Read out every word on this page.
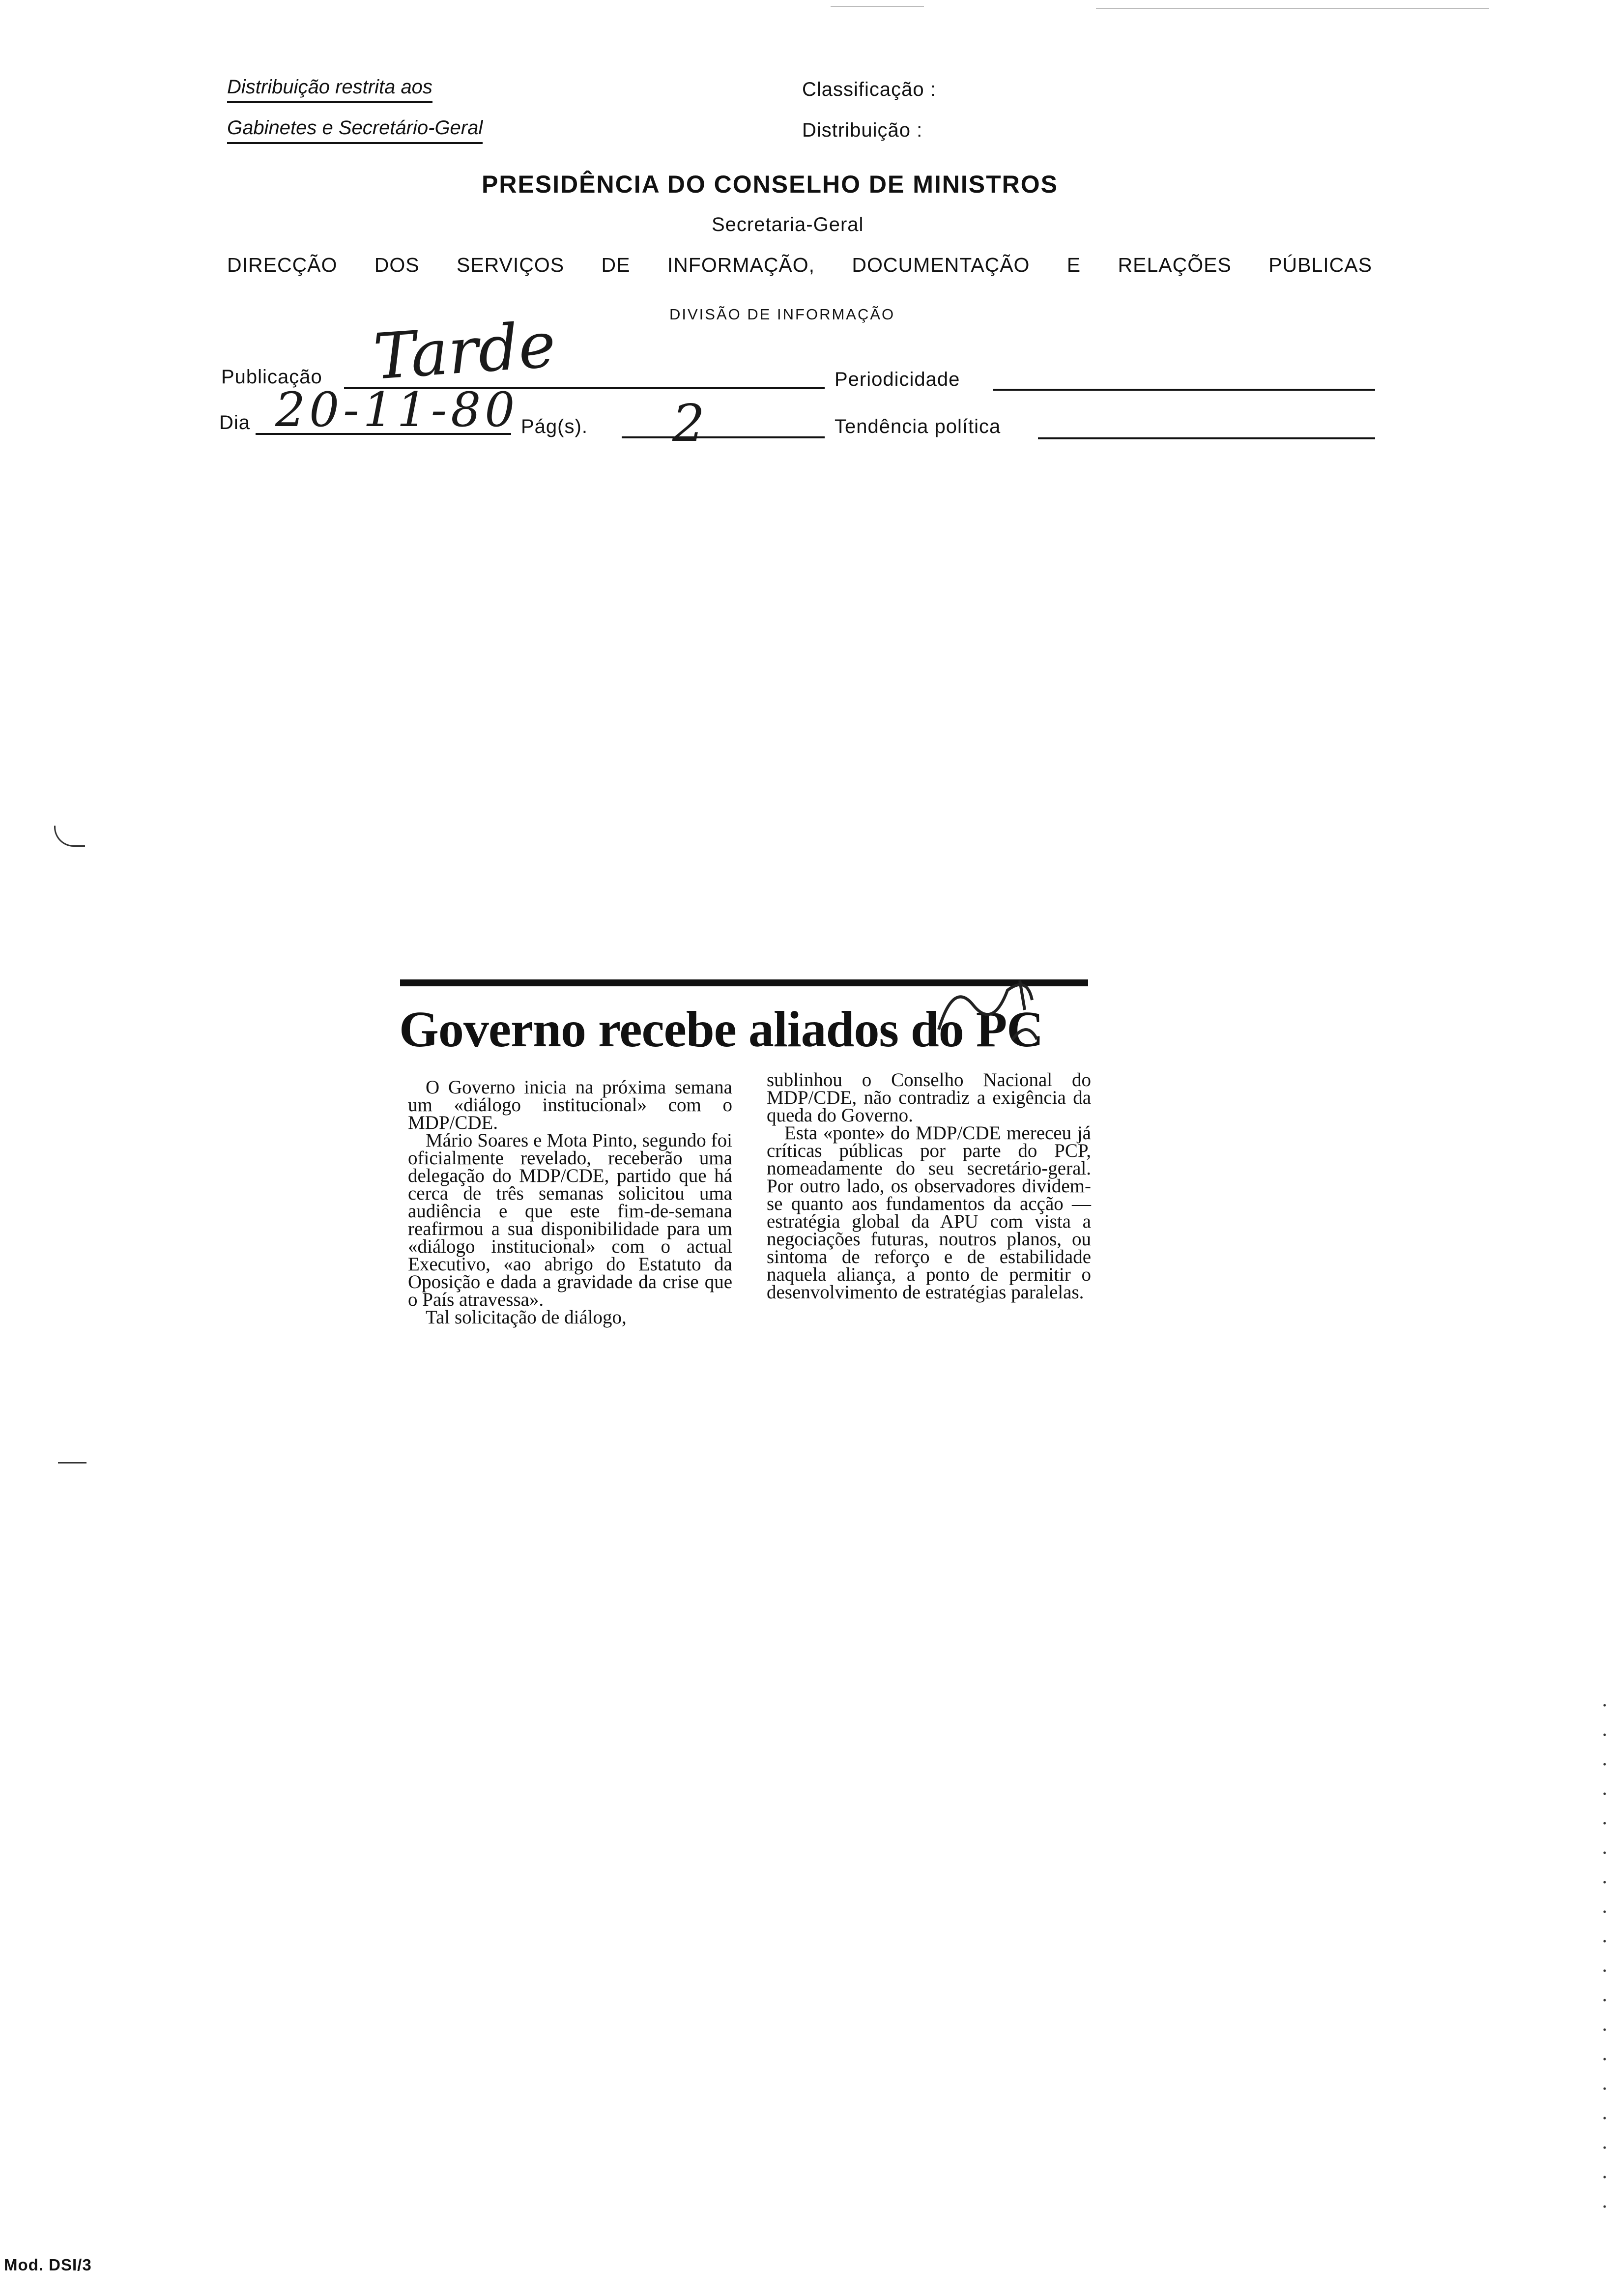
Distribuição restrita aos
Gabinetes e Secretário-Geral
Classificação :
Distribuição :
PRESIDÊNCIA DO CONSELHO DE MINISTROS
Secretaria-Geral
DIRECÇÃO DOS SERVIÇOS DE INFORMAÇÃO, DOCUMENTAÇÃO E RELAÇÕES PÚBLICAS
DIVISÃO DE INFORMAÇÃO
Publicação Tarde	Periodicidade
Dia 20-11-80 Pág(s). 2	Tendência política
Governo recebe aliados do PC

O Governo inicia na próxima semana um «diálogo institucional» com o MDP/CDE.

Mário Soares e Mota Pinto, segundo foi oficialmente revelado, receberão uma delegação do MDP/CDE, partido que há cerca de três semanas solicitou uma audiência e que este fim-de-semana reafirmou a sua disponibilidade para um «diálogo institucional» com o actual Executivo, «ao abrigo do Estatuto da Oposição e dada a gravidade da crise que o País atravessa».

Tal solicitação de diálogo,

sublinhou o Conselho Nacional do MDP/CDE, não contradiz a exigência da queda do Governo.

Esta «ponte» do MDP/CDE mereceu já críticas públicas por parte do PCP, nomeadamente do seu secretário-geral. Por outro lado, os observadores dividem-se quanto aos fundamentos da acção — estratégia global da APU com vista a negociações futuras, noutros planos, ou sintoma de reforço e de estabilidade naquela aliança, a ponto de permitir o desenvolvimento de estratégias paralelas.

Mod. DSI/3
